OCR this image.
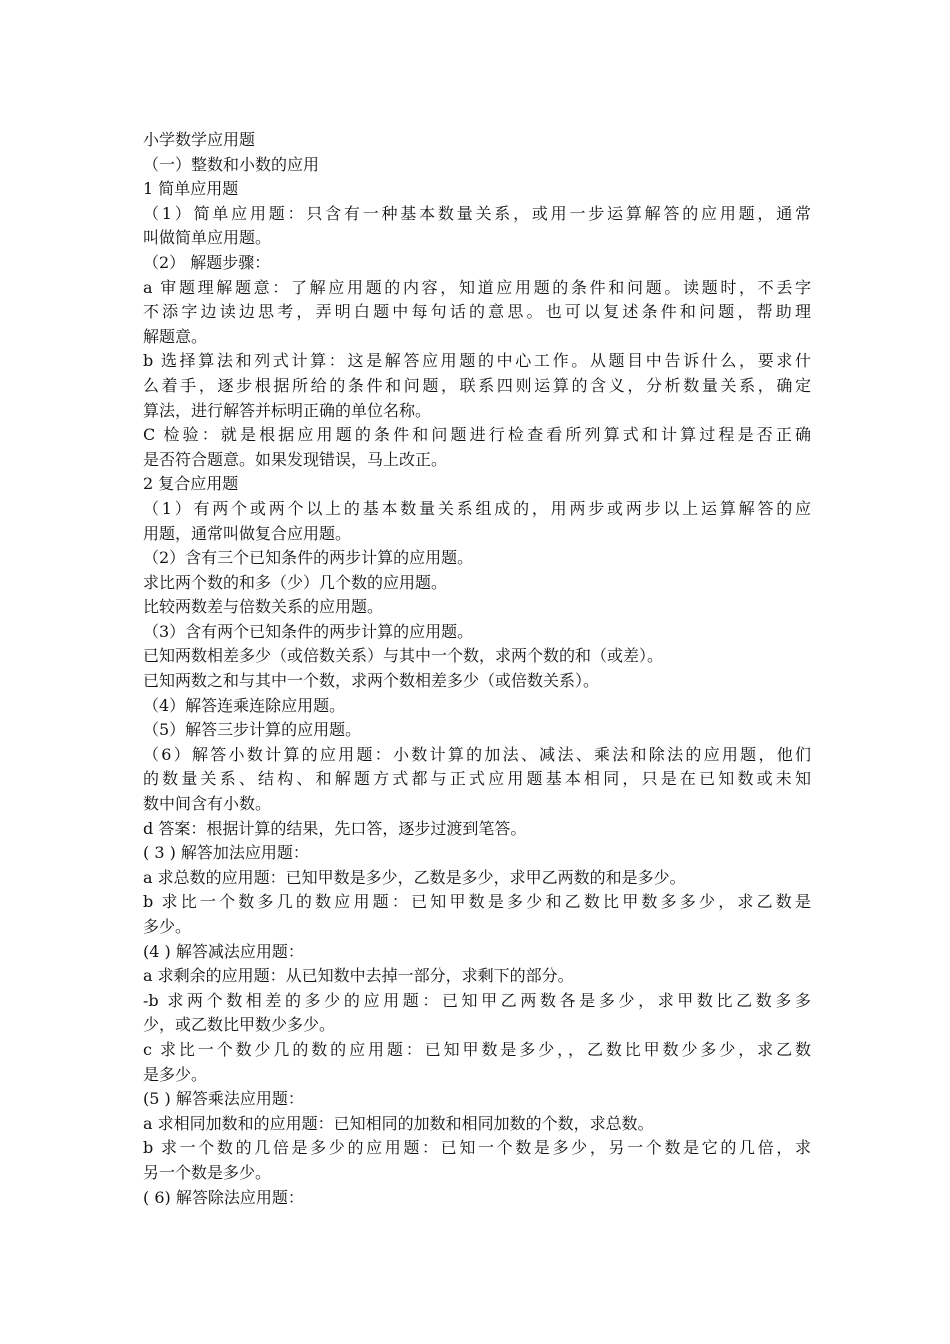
小学数学应用题
（一）整数和小数的应用
1 简单应用题
（1）简单应用题：只含有一种基本数量关系，或用一步运算解答的应用题，通常
叫做简单应用题。
（2） 解题步骤：
a 审题理解题意：了解应用题的内容，知道应用题的条件和问题。读题时，不丢字
不添字边读边思考，弄明白题中每句话的意思。也可以复述条件和问题，帮助理
解题意。
b 选择算法和列式计算：这是解答应用题的中心工作。从题目中告诉什么，要求什
么着手，逐步根据所给的条件和问题，联系四则运算的含义，分析数量关系，确定
算法，进行解答并标明正确的单位名称。
C 检验：就是根据应用题的条件和问题进行检查看所列算式和计算过程是否正确
是否符合题意。如果发现错误，马上改正。
2 复合应用题
（1）有两个或两个以上的基本数量关系组成的，用两步或两步以上运算解答的应
用题，通常叫做复合应用题。
（2）含有三个已知条件的两步计算的应用题。
求比两个数的和多（少）几个数的应用题。
比较两数差与倍数关系的应用题。
（3）含有两个已知条件的两步计算的应用题。
已知两数相差多少（或倍数关系）与其中一个数，求两个数的和（或差）。
已知两数之和与其中一个数，求两个数相差多少（或倍数关系）。
（4）解答连乘连除应用题。
（5）解答三步计算的应用题。
（6）解答小数计算的应用题：小数计算的加法、减法、乘法和除法的应用题，他们
的数量关系、结构、和解题方式都与正式应用题基本相同，只是在已知数或未知
数中间含有小数。
d 答案：根据计算的结果，先口答，逐步过渡到笔答。
( 3 ) 解答加法应用题：
a 求总数的应用题：已知甲数是多少，乙数是多少，求甲乙两数的和是多少。
b 求比一个数多几的数应用题：已知甲数是多少和乙数比甲数多多少，求乙数是
多少。
(4 ) 解答减法应用题：
a 求剩余的应用题：从已知数中去掉一部分，求剩下的部分。
-b 求两个数相差的多少的应用题：已知甲乙两数各是多少，求甲数比乙数多多
少，或乙数比甲数少多少。
c 求比一个数少几的数的应用题：已知甲数是多少，，乙数比甲数少多少，求乙数
是多少。
(5 ) 解答乘法应用题：
a 求相同加数和的应用题：已知相同的加数和相同加数的个数，求总数。
b 求一个数的几倍是多少的应用题：已知一个数是多少，另一个数是它的几倍，求
另一个数是多少。
( 6) 解答除法应用题：
